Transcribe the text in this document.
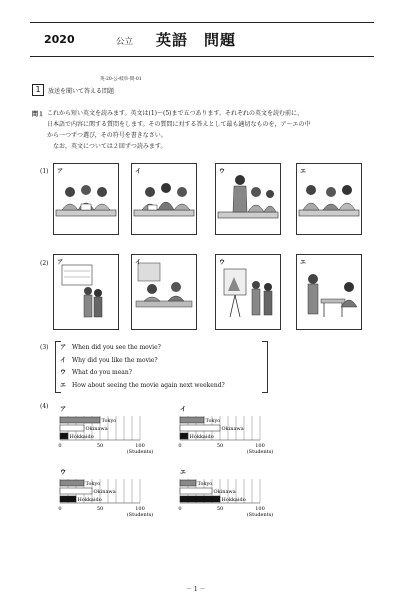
2020	公立 英語　問題
英-20-公-岐阜-問-01
1	放送を聞いて答える問題
問１ これから短い英文を読みます。英文は(1)～(5)まで五つあります。それぞれの英文を読む前に、

日本語で内容に関する質問をします。その質問に対する答えとして最も適切なものを，ア～エの中

から一つずつ選び，その符号を書きなさい。

なお，英文については２回ずつ読みます。

(1) ア	イ	ウ	エ
(2) ア	イ	ウ	エ
(3) ア When did you see the movie?
イ Why did you like the movie?
ウ What do you mean?
エ How about seeing the movie again next weekend?
(4) ア
Tokyo
Okinawa
Hokkaido
0	50	100
(Students)
イ
Tokyo
Okinawa
Hokkaido
0	50	100
(Students)
ウ
Tokyo
Okinawa
Hokkaido
0	50	100
(Students)
エ
Tokyo
Okinawa
Hokkaido
0	50	100
(Students)
－ 1 －
